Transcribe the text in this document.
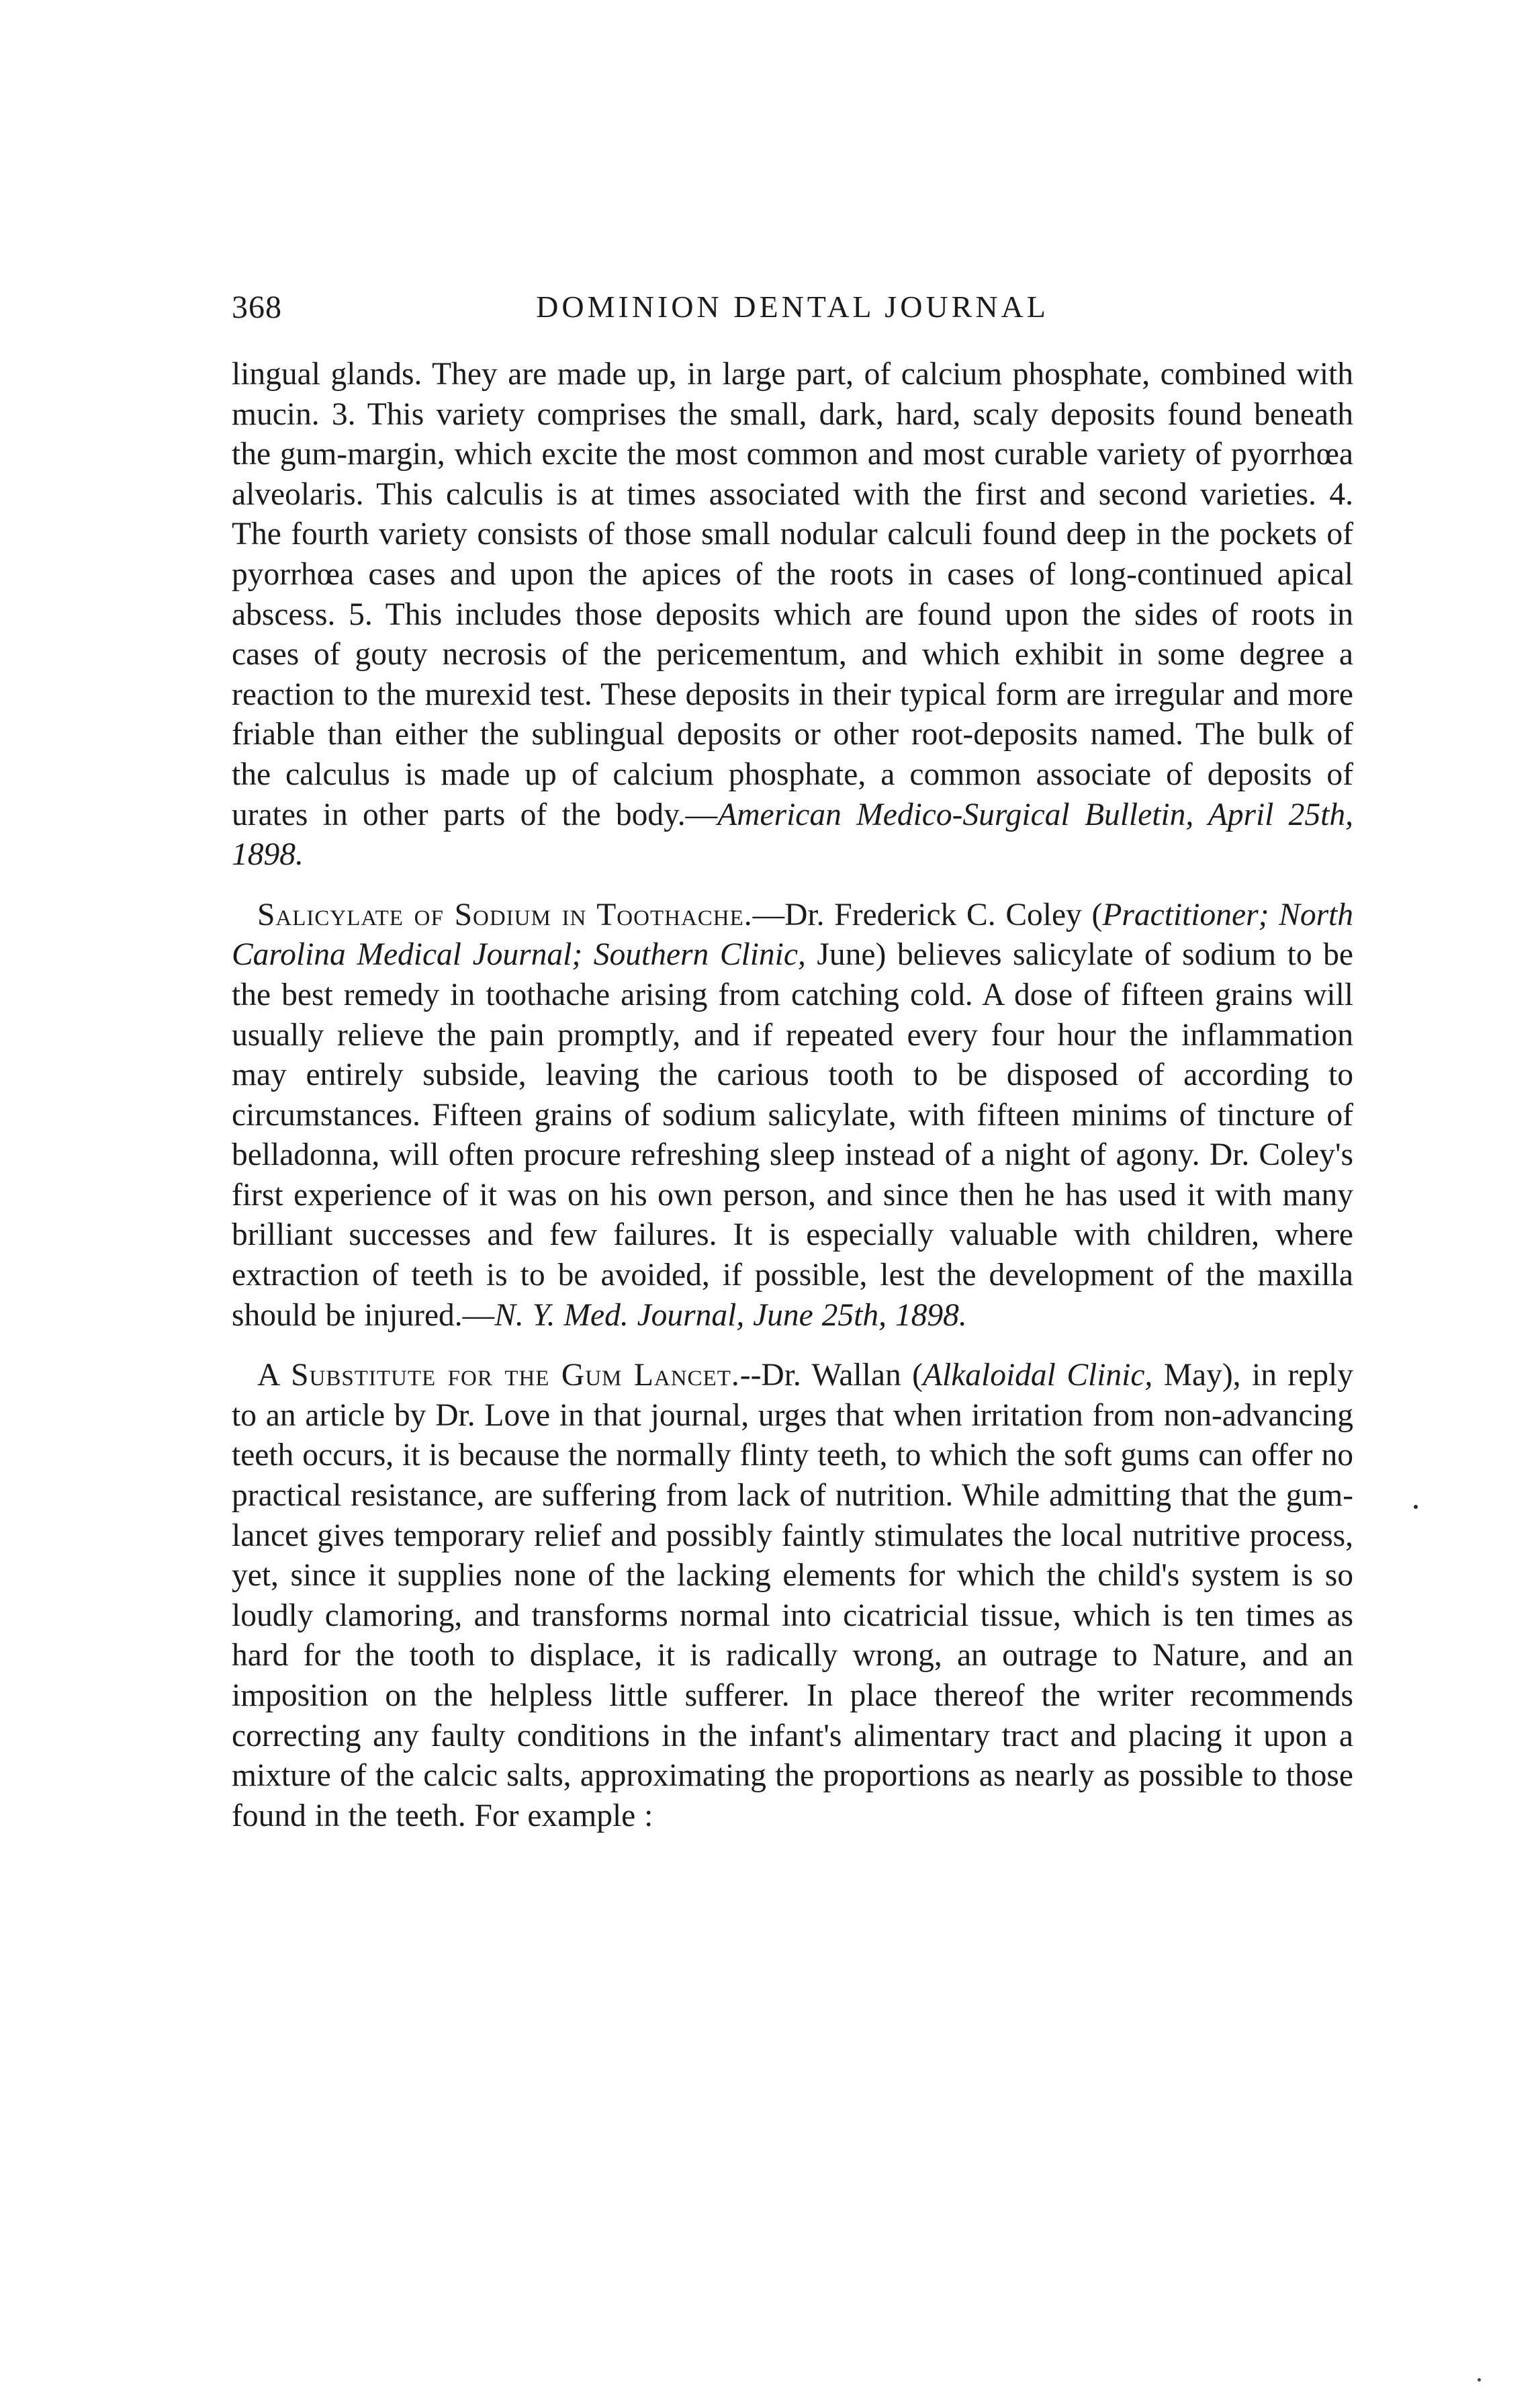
368	DOMINION DENTAL JOURNAL

lingual glands. They are made up, in large part, of calcium phosphate, combined with mucin. 3. This variety comprises the small, dark, hard, scaly deposits found beneath the gum-margin, which excite the most common and most curable variety of pyorrhœa alveolaris. This calculis is at times associated with the first and second varieties. 4. The fourth variety consists of those small nodular calculi found deep in the pockets of pyorrhœa cases and upon the apices of the roots in cases of long-continued apical abscess. 5. This includes those deposits which are found upon the sides of roots in cases of gouty necrosis of the pericementum, and which exhibit in some degree a reaction to the murexid test. These deposits in their typical form are irregular and more friable than either the sublingual deposits or other root-deposits named. The bulk of the calculus is made up of calcium phosphate, a common associate of deposits of urates in other parts of the body.—American Medico-Surgical Bulletin, April 25th, 1898.

Salicylate of Sodium in Toothache.—Dr. Frederick C. Coley (Practitioner; North Carolina Medical Journal; Southern Clinic, June) believes salicylate of sodium to be the best remedy in toothache arising from catching cold. A dose of fifteen grains will usually relieve the pain promptly, and if repeated every four hour the inflammation may entirely subside, leaving the carious tooth to be disposed of according to circumstances. Fifteen grains of sodium salicylate, with fifteen minims of tincture of belladonna, will often procure refreshing sleep instead of a night of agony. Dr. Coley's first experience of it was on his own person, and since then he has used it with many brilliant successes and few failures. It is especially valuable with children, where extraction of teeth is to be avoided, if possible, lest the development of the maxilla should be injured.—N. Y. Med. Journal, June 25th, 1898.

A Substitute for the Gum Lancet.--Dr. Wallan (Alkaloidal Clinic, May), in reply to an article by Dr. Love in that journal, urges that when irritation from non-advancing teeth occurs, it is because the normally flinty teeth, to which the soft gums can offer no practical resistance, are suffering from lack of nutrition. While admitting that the gum-lancet gives temporary relief and possibly faintly stimulates the local nutritive process, yet, since it supplies none of the lacking elements for which the child's system is so loudly clamoring, and transforms normal into cicatricial tissue, which is ten times as hard for the tooth to displace, it is radically wrong, an outrage to Nature, and an imposition on the helpless little sufferer. In place thereof the writer recommends correcting any faulty conditions in the infant's alimentary tract and placing it upon a mixture of the calcic salts, approximating the proportions as nearly as possible to those found in the teeth. For example :
